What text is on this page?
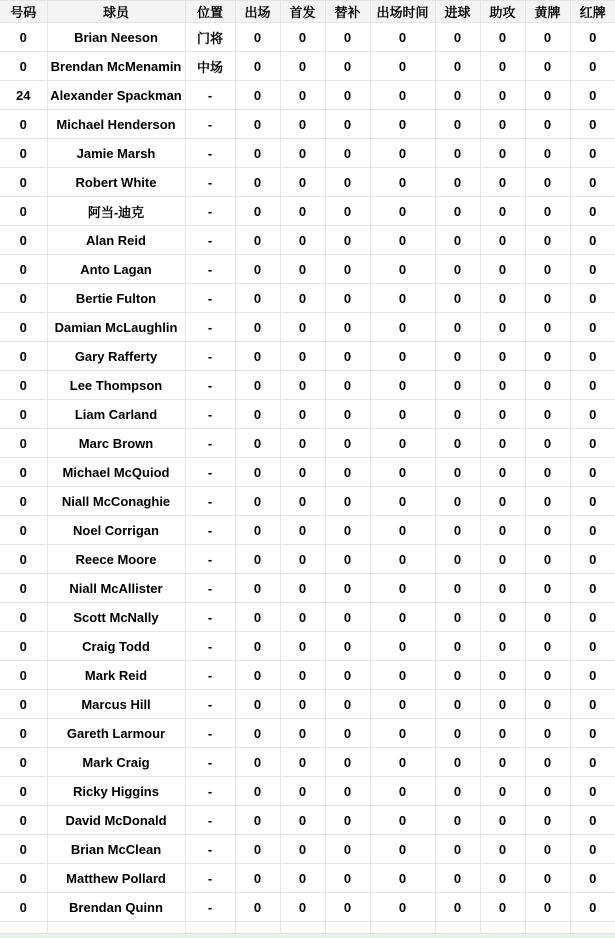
号码	球员	位置	出场	首发	替补	出场时间	进球	助攻	黄牌	红牌
0	Brian Neeson	门将	0	0	0	0	0	0	0	0
0	Brendan McMenamin	中场	0	0	0	0	0	0	0	0
24	Alexander Spackman	-	0	0	0	0	0	0	0	0
0	Michael Henderson	-	0	0	0	0	0	0	0	0
0	Jamie Marsh	-	0	0	0	0	0	0	0	0
0	Robert White	-	0	0	0	0	0	0	0	0
0	阿当-迪克	-	0	0	0	0	0	0	0	0
0	Alan Reid	-	0	0	0	0	0	0	0	0
0	Anto Lagan	-	0	0	0	0	0	0	0	0
0	Bertie Fulton	-	0	0	0	0	0	0	0	0
0	Damian McLaughlin	-	0	0	0	0	0	0	0	0
0	Gary Rafferty	-	0	0	0	0	0	0	0	0
0	Lee Thompson	-	0	0	0	0	0	0	0	0
0	Liam Carland	-	0	0	0	0	0	0	0	0
0	Marc Brown	-	0	0	0	0	0	0	0	0
0	Michael McQuiod	-	0	0	0	0	0	0	0	0
0	Niall McConaghie	-	0	0	0	0	0	0	0	0
0	Noel Corrigan	-	0	0	0	0	0	0	0	0
0	Reece Moore	-	0	0	0	0	0	0	0	0
0	Niall McAllister	-	0	0	0	0	0	0	0	0
0	Scott McNally	-	0	0	0	0	0	0	0	0
0	Craig Todd	-	0	0	0	0	0	0	0	0
0	Mark Reid	-	0	0	0	0	0	0	0	0
0	Marcus Hill	-	0	0	0	0	0	0	0	0
0	Gareth Larmour	-	0	0	0	0	0	0	0	0
0	Mark Craig	-	0	0	0	0	0	0	0	0
0	Ricky Higgins	-	0	0	0	0	0	0	0	0
0	David McDonald	-	0	0	0	0	0	0	0	0
0	Brian McClean	-	0	0	0	0	0	0	0	0
0	Matthew Pollard	-	0	0	0	0	0	0	0	0
0	Brendan Quinn	-	0	0	0	0	0	0	0	0
